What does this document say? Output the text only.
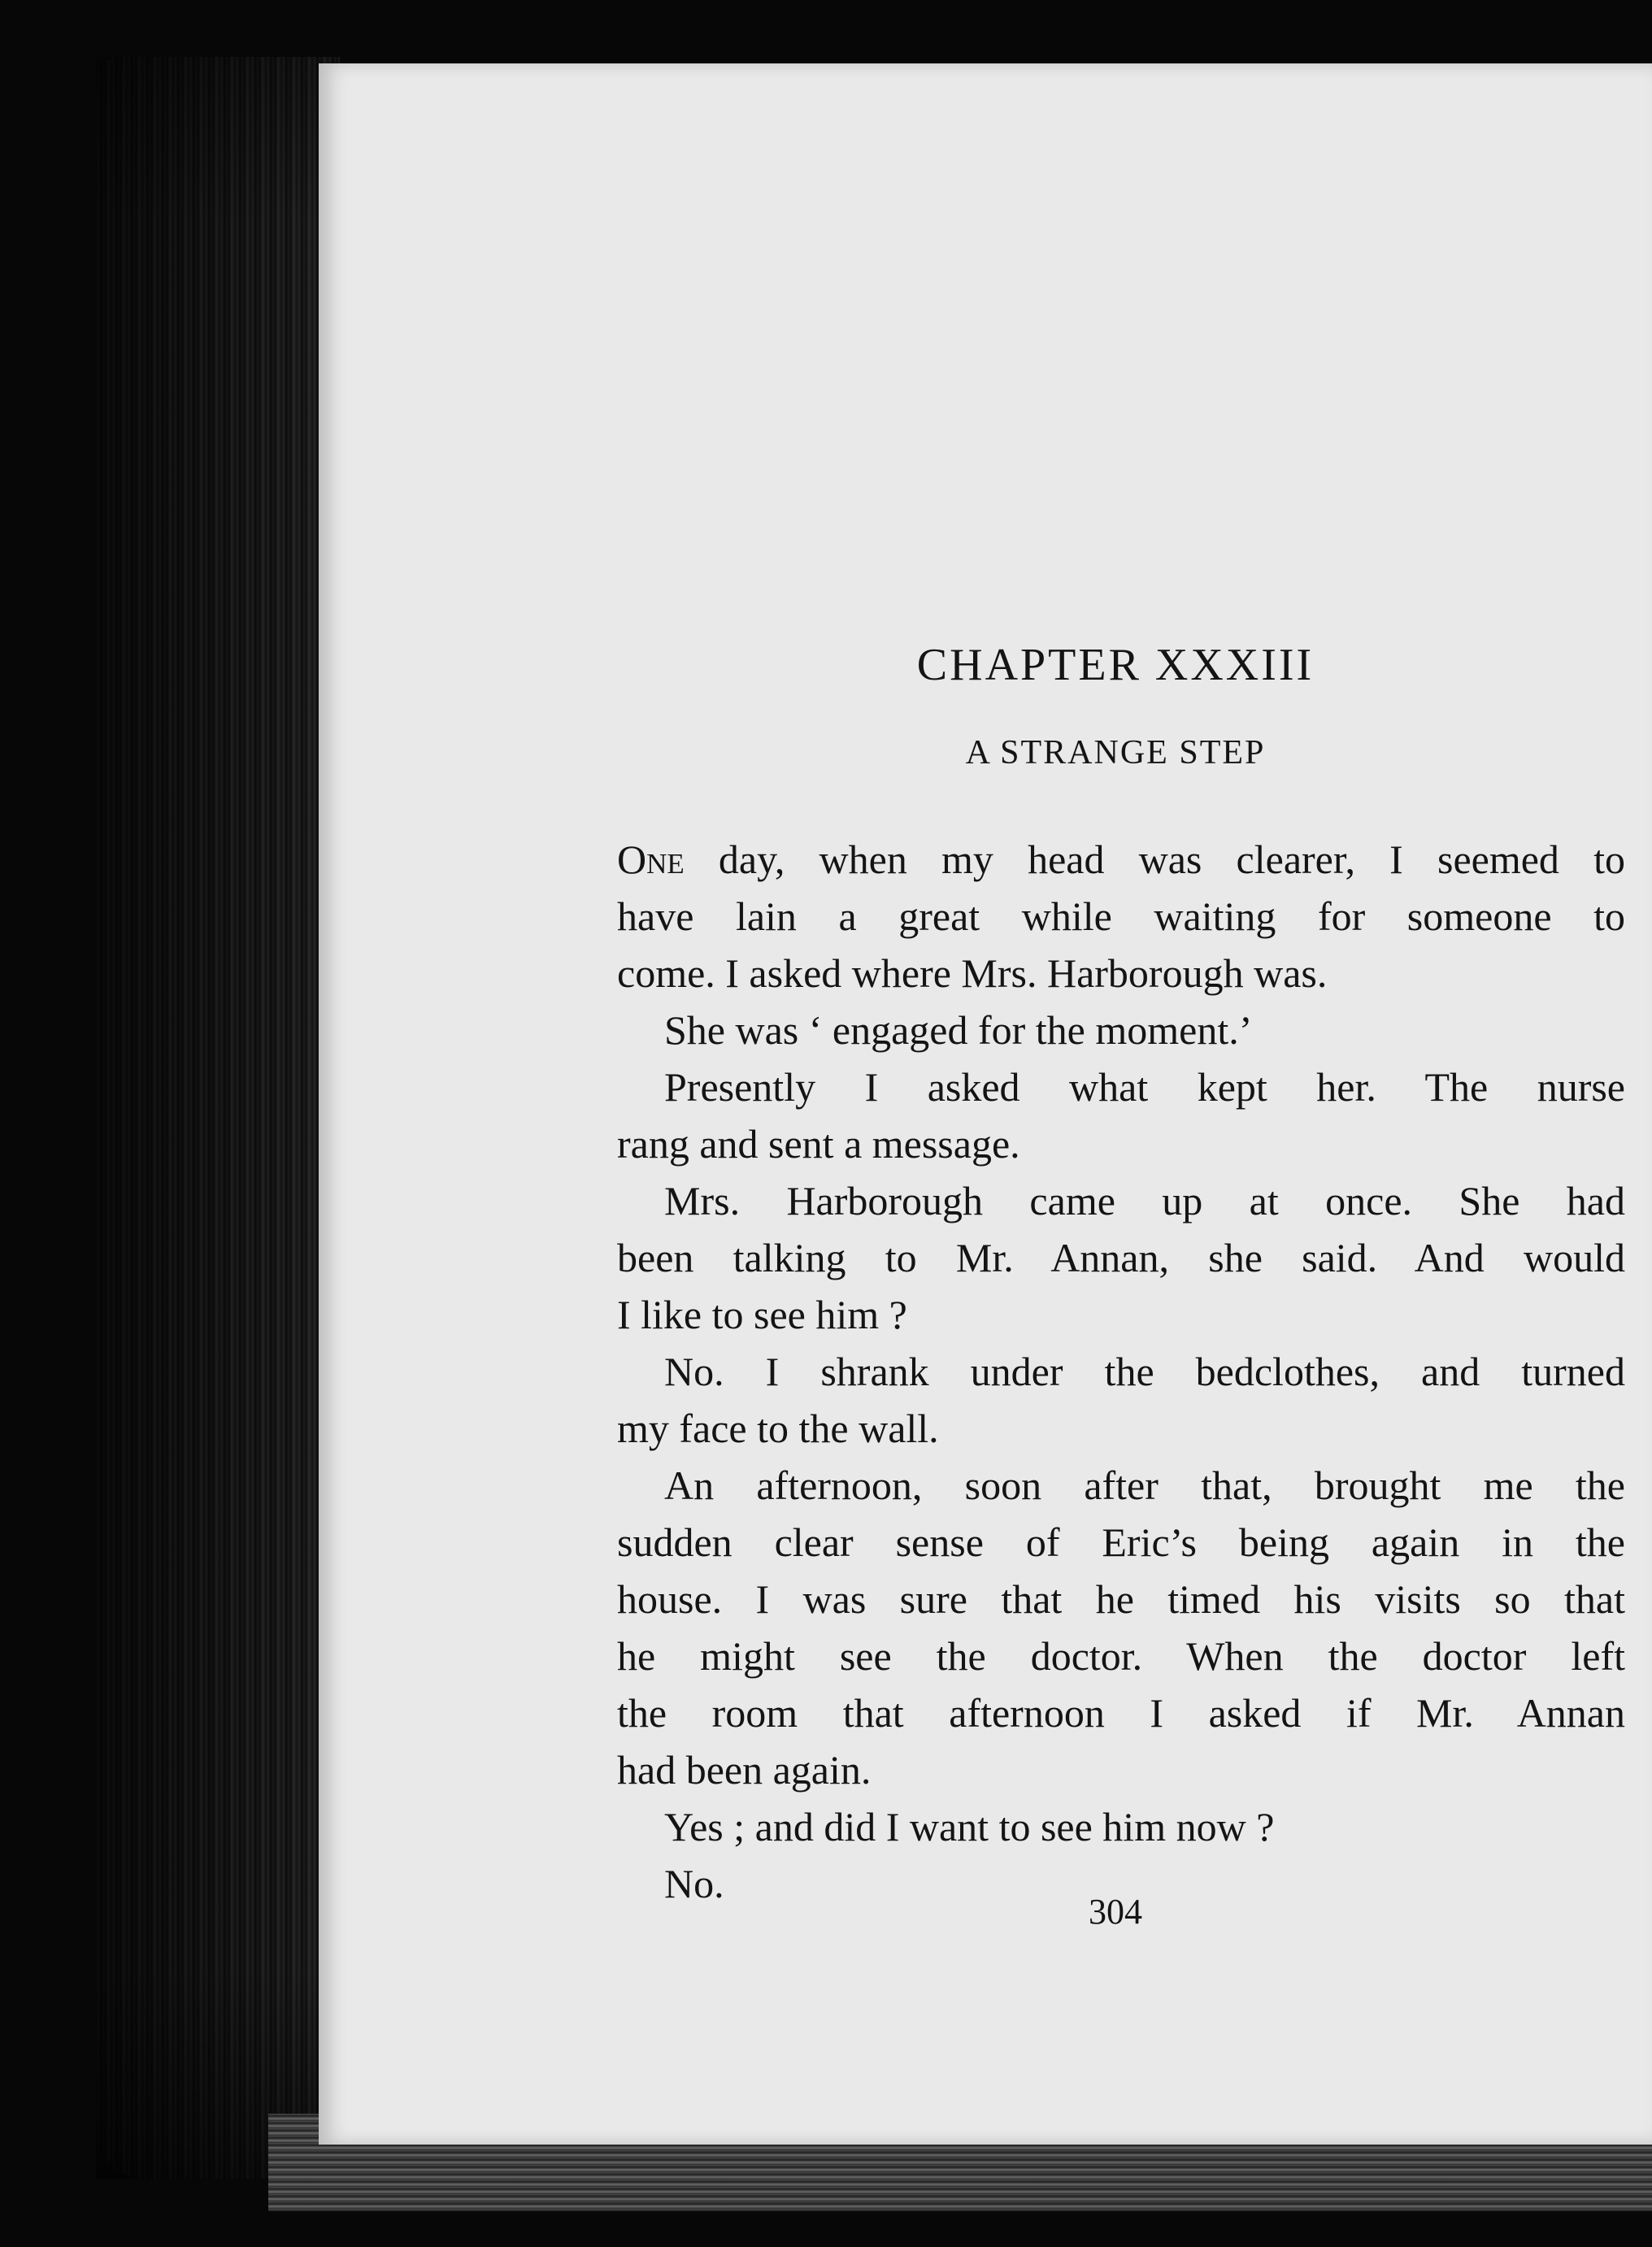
CHAPTER XXXIII
A STRANGE STEP
One day, when my head was clearer, I seemed to
have lain a great while waiting for someone to
come. I asked where Mrs. Harborough was.
She was ‘ engaged for the moment.’
Presently I asked what kept her. The nurse
rang and sent a message.
Mrs. Harborough came up at once. She had
been talking to Mr. Annan, she said. And would
I like to see him ?
No. I shrank under the bedclothes, and turned
my face to the wall.
An afternoon, soon after that, brought me the
sudden clear sense of Eric’s being again in the
house. I was sure that he timed his visits so that
he might see the doctor. When the doctor left
the room that afternoon I asked if Mr. Annan
had been again.
Yes ; and did I want to see him now ?
No.
304
